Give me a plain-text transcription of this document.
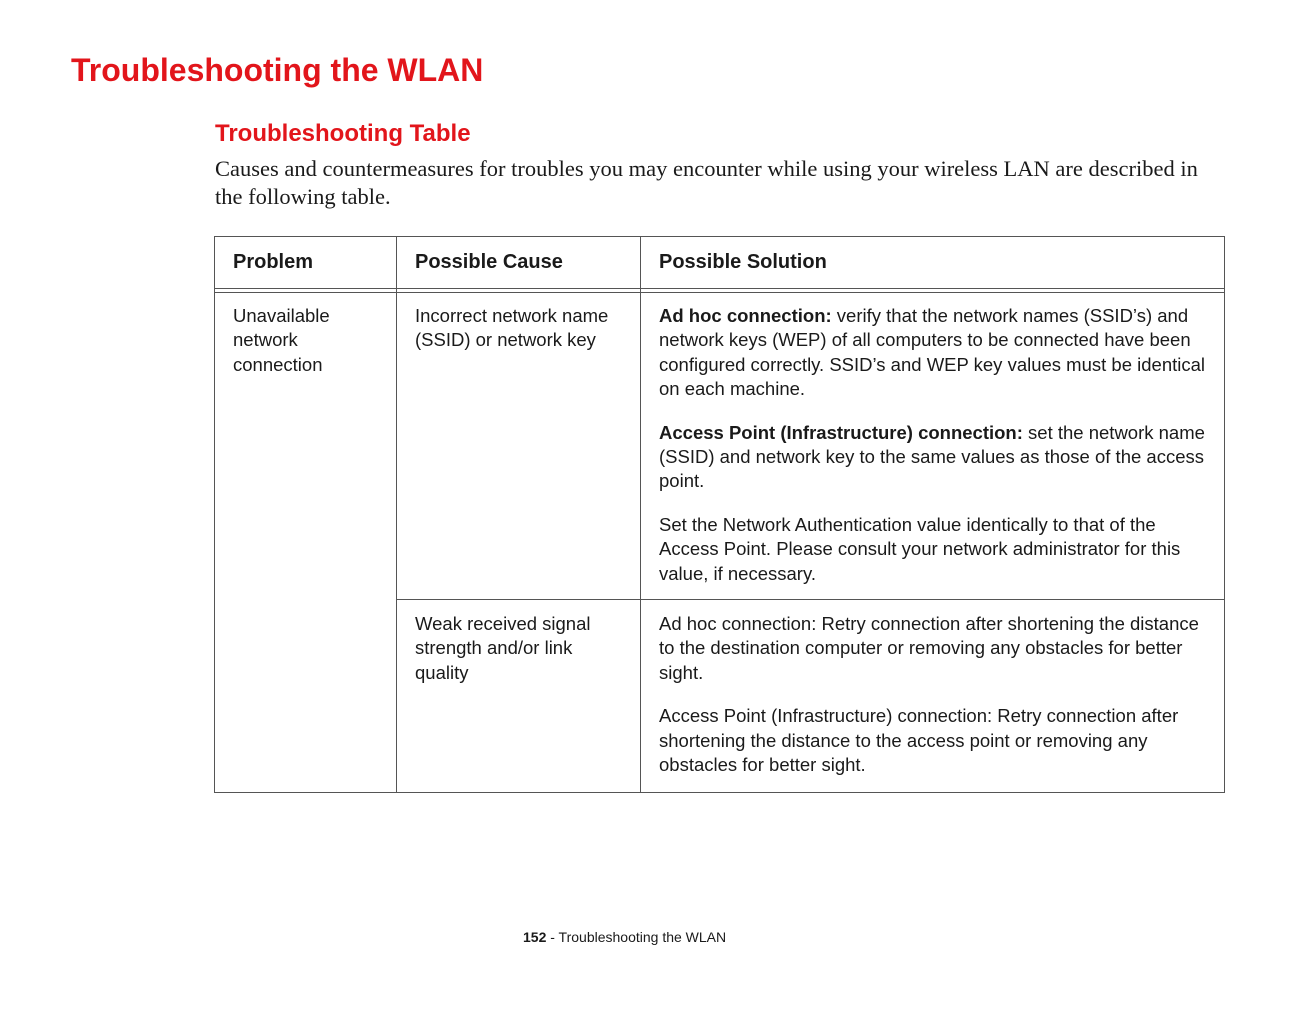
Troubleshooting the WLAN
Troubleshooting Table

Causes and countermeasures for troubles you may encounter while using your wireless LAN are described in the following table.

Problem	Possible Cause	Possible Solution
Unavailable network connection
Incorrect network name (SSID) or network key

Ad hoc connection: verify that the network names (SSID’s) and network keys (WEP) of all computers to be connected have been configured correctly. SSID’s and WEP key values must be identical on each machine.

Access Point (Infrastructure) connection: set the network name (SSID) and network key to the same values as those of the access point.

Set the Network Authentication value identically to that of the Access Point. Please consult your network administrator for this value, if necessary.

Weak received signal strength and/or link quality

Ad hoc connection: Retry connection after shortening the distance to the destination computer or removing any obstacles for better sight.

Access Point (Infrastructure) connection: Retry connection after shortening the distance to the access point or removing any obstacles for better sight.

152 - Troubleshooting the WLAN
